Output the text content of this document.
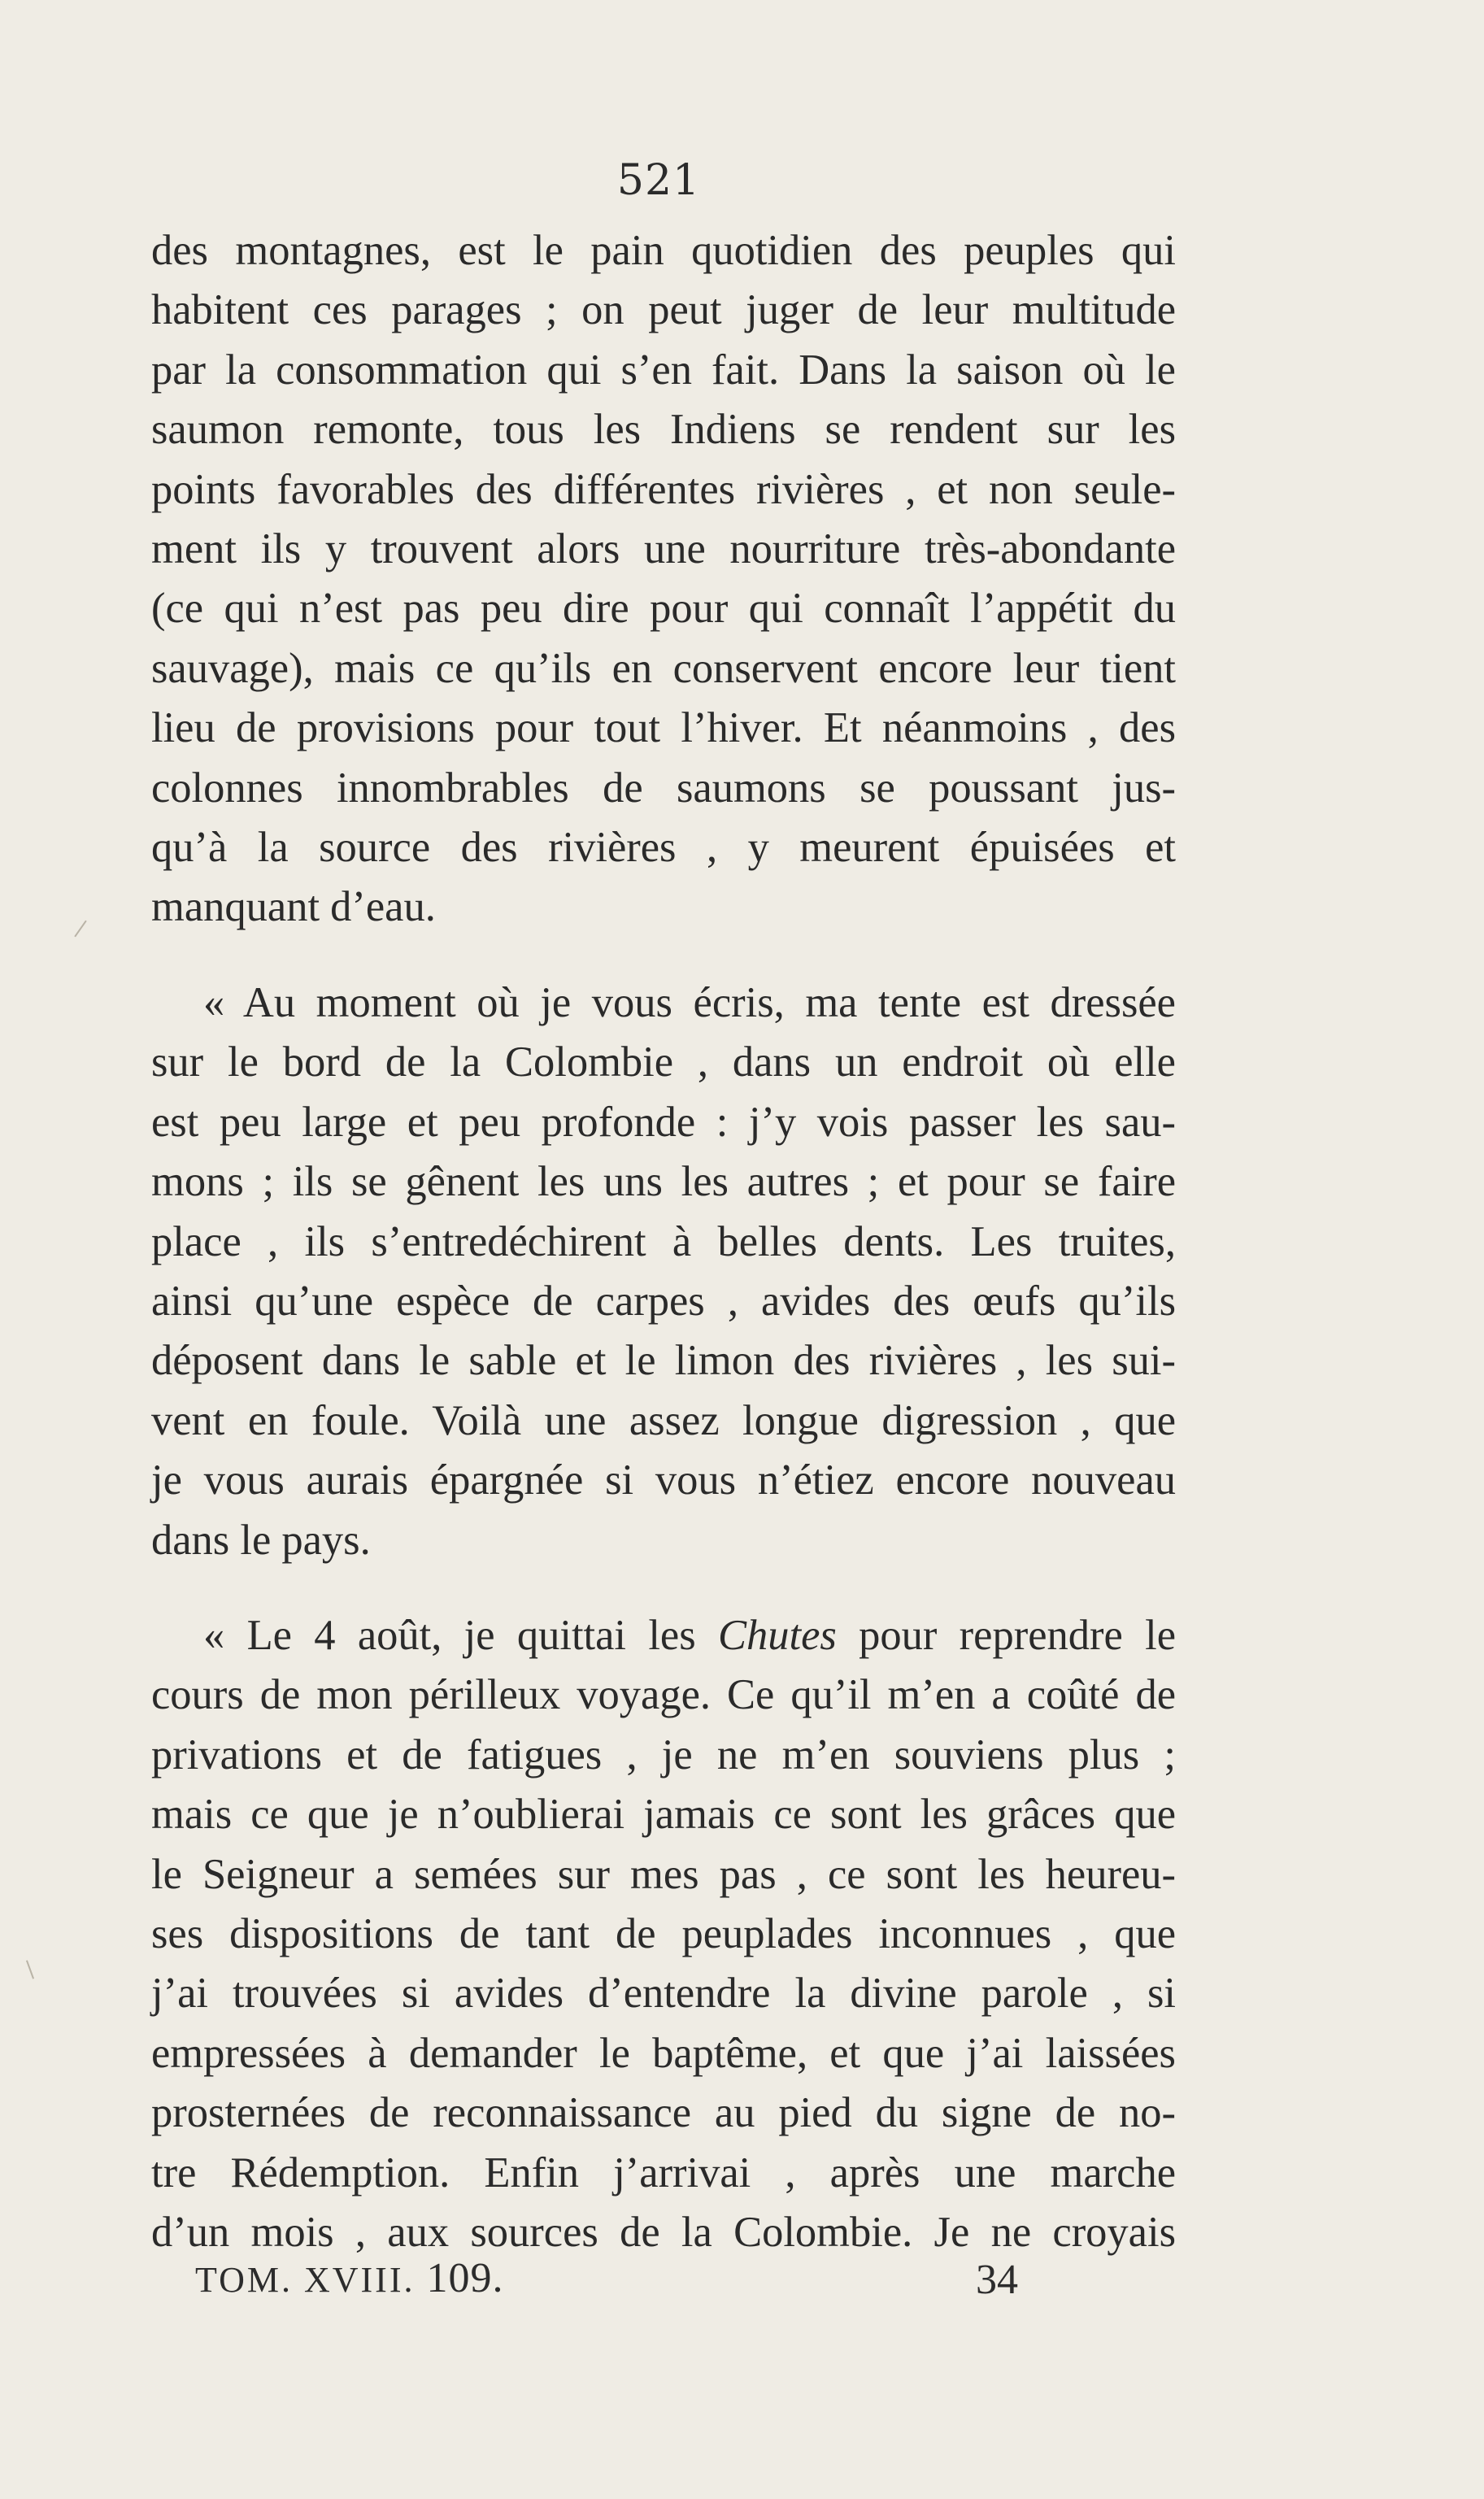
521
des montagnes, est le pain quotidien des peuples qui
habitent ces parages ; on peut juger de leur multitude
par la consommation qui s’en fait. Dans la saison où le
saumon remonte, tous les Indiens se rendent sur les
points favorables des différentes rivières , et non seule-
ment ils y trouvent alors une nourriture très-abondante
(ce qui n’est pas peu dire pour qui connaît l’appétit du
sauvage), mais ce qu’ils en conservent encore leur tient
lieu de provisions pour tout l’hiver. Et néanmoins , des
colonnes innombrables de saumons se poussant jus-
qu’à la source des rivières , y meurent épuisées et
manquant d’eau.
« Au moment où je vous écris, ma tente est dressée
sur le bord de la Colombie , dans un endroit où elle
est peu large et peu profonde : j’y vois passer les sau-
mons ; ils se gênent les uns les autres ; et pour se faire
place , ils s’entredéchirent à belles dents. Les truites,
ainsi qu’une espèce de carpes , avides des œufs qu’ils
déposent dans le sable et le limon des rivières , les sui-
vent en foule. Voilà une assez longue digression , que
je vous aurais épargnée si vous n’étiez encore nouveau
dans le pays.
« Le 4 août, je quittai les Chutes pour reprendre le
cours de mon périlleux voyage. Ce qu’il m’en a coûté de
privations et de fatigues , je ne m’en souviens plus ;
mais ce que je n’oublierai jamais ce sont les grâces que
le Seigneur a semées sur mes pas , ce sont les heureu-
ses dispositions de tant de peuplades inconnues , que
j’ai trouvées si avides d’entendre la divine parole , si
empressées à demander le baptême, et que j’ai laissées
prosternées de reconnaissance au pied du signe de no-
tre Rédemption. Enfin j’arrivai , après une marche
d’un mois , aux sources de la Colombie. Je ne croyais
TOM. XVIII. 109.	34
